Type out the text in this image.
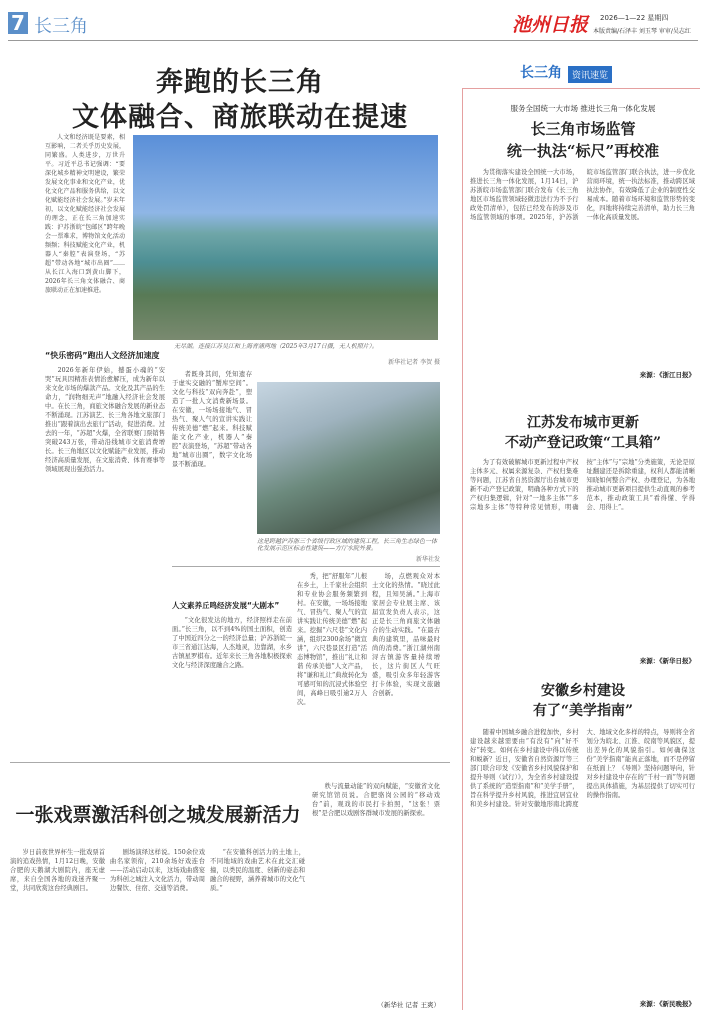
7 长三角	池州日报 2026—1—22 星期四
本版责编/石泽丰 刘玉琴 审审/吴志红
奔跑的长三角
文体融合、商旅联动在提速
人文和经济既是要素，相互影响，二者关乎历史发展，同繁盛。人类进步，万世升平。习近平总书记强调：“要深化城乡精神文明建设，繁荣发展文化事业和文化产业，优化文化产品和服务供给，以文化赋能经济社会发展。”岁末年初，以文化赋能经济社会发展的理念，正在长三角加速实践：沪苏浙皖“包邮区”跨年晚会一票难求，博物馆文化活动频频；科技赋能文化产业，机器人“秦腔”表演登场，“苏超”带动各地“城市出圈”……从长江入海口到黄山脚下，2026年长三角文体融合、商旅联动正在加速推进。
无尽湖。连接江苏吴江和上海青浦两地（2025年3月17日摄，无人机照片）。
新华社记者 李贺 摄
“快乐密码”跑出人文经济加速度
2026年新年伊始，撼蛋小魂的“安哭”玩具因精准表情治愈解压，成为新年以来文化市场的爆款产品。文化及其产品的生命力，“润物细无声”地融入经济社会发展中。在长三角，商旅文体融合发展的新业态不断涌现。江苏演艺、长三角各地文旅部门推出“跟着演出去旅行”活动，促进消费。过去的一年，“苏超”火爆，全省联赛门票销售突破243万张，带动沿线城市文旅消费增长。长三角地区以文化赋能产业发展，推动经济高质量发展，在文旅消费、体育赛事等领域展现出强劲活力。
者既身其间，凭知遗存于虚实交融的“蟹库空间”。文化与科技“双向奔赴”，塑造了一批人文消费新场景。在安徽，一场场接地气、冒热气、聚人气的宣讲实践让传统美德“燃”起来。科技赋能文化产业，机器人“秦腔”表演登场，“苏超”带动各地“城市出圈”，数字文化场景不断涌现。
这是跨越沪苏浙三个省级行政区域的建筑工程，长三角生态绿色一体化发展示范区标志性建筑——方厅水院外景。
新华社发
人文素养丘鸣经济发展“大剧本”
“文化很发达的地方，经济照样走在前面。”长三角，以不到4%的国土面积，创造了中国近四分之一的经济总量；沪苏浙皖一市三省通江达海，人杰地灵，边靠湖，水乡古镇星罗棋布。近年来长三角各地积极探索文化与经济深度融合之路。
秀，把“舒服年”儿根在乡土，上千家社会组织和专业协会服务频繁到村。在安徽，一场场接地气、冒热气、聚人气的宣讲实践让传统美德“燃”起来。挖掘“六尺巷”文化内涵，组织2300余场“微宣讲”，六尺巷景区打造“活态博物馆”，推出“礼让和谐 传承美德”人文产品，将“谦和礼让”典故转化为可感可知的沉浸式体验空间，高峰日吸引逾2万人次。
场，点燃观众对本土文化的热情。“晓过此程，且知吴涵。”上海市家居会专业展主席、该届宣发负责人表示，这正是长三角商旅文体融合的生动实践。“在最古典的建筑里，品味最时尚的消费。”浙江湖州南浔古镇游客量持续增长，这片街区人气旺盛，吸引众多年轻游客打卡体验，实现文旅融合创新。
一张戏票激活科创之城发展新活力
岁日前夜世界杯生一批戏票首演的追戏热情，1月12日晚，安徽合肥的天鹅湖大剧院内，座无虚席，来自全国各地的戏迷齐聚一堂，共同欣赏这台经典剧目。
剧场演绎这样说。150余位戏曲名家领衔，210余场好戏连台——活动启动以来，这场戏曲盛宴为科创之城注入文化活力，带动周边餐饮、住宿、交通等消费。
“在安徽科创活力的土地上，不同地域的戏曲艺术在此交汇碰撞，以类民的温度、创新的姿态和融合的视野，涵养着城市的文化气质。”
秩与流量动能”的双向赋能，“安徽省文化研究馆馆员说。合肥骆岗公园的“移动戏台”前，观戏的市民打卡拍照，“这张！票根”是合肥以戏剧客群城市发展的新探索。
（新华社 记者 王爽）
长三角	资讯速览
服务全国统一大市场 推进长三角一体化发展
长三角市场监管
统一执法“标尺”再校准
为贯彻落实建设全国统一大市场，推进长三角一体化发展，1月14日，沪苏浙皖市场监管部门联合发布《长三角地区市场监管领域轻微违法行为不予行政处罚清单》，包括已经发布的涉及市场监管领域的事项。2025年，沪苏浙皖市场监管部门联合执法，进一步优化营商环境，统一执法标准，推动跨区域执法协作，有效降低了企业的制度性交易成本。随着市场环境和监管形势的变化，四地将持续完善清单，助力长三角一体化高质量发展。
来源：《浙江日报》
江苏发布城市更新
不动产登记政策“工具箱”
为了有效破解城市更新过程中产权主体多元、权属来源复杂、产权归集难等问题，江苏省自然资源厅出台城市更新不动产登记政策，明确各种方式下的产权归集逻辑，针对“一地多主体”“多宗地多主体”等特种常见情形，明确按“主体”与“宗地”分类施策，无论是原址翻建还是拆除重建，权利人都能清晰知晓如何整合产权、办理登记，为各地推动城市更新项目提供生动直观的参考范本，推动政策工具“看得懂、学得会、用得上”。
来源：《新华日报》
安徽乡村建设
有了“美学指南”
随着中国城乡融合进程加快，乡村建设越来越需要由“有没有”向“好不好”转变。如何在乡村建设中得以传统和蜕新？近日，安徽省自然资源厅等三部门联合印发《安徽省乡村风貌保护和提升导则（试行）》，为全省乡村建设提供了系统的“造型指南”和“美学手册”，旨在科学提升乡村风貌，推进宜居宜业和美乡村建设。针对安徽地形南北跨度大、地域文化多样的特点，导则将全省划分为皖北、江淮、皖南等风貌区，提出差异化的风貌指引。如何确保这份“美学指南”能真正落地，而不是停留在纸面上？《导则》坚持问题导向，针对乡村建设中存在的“千村一面”等问题提出具体措施，为基层提供了切实可行的操作指南。
来源：《新民晚报》
